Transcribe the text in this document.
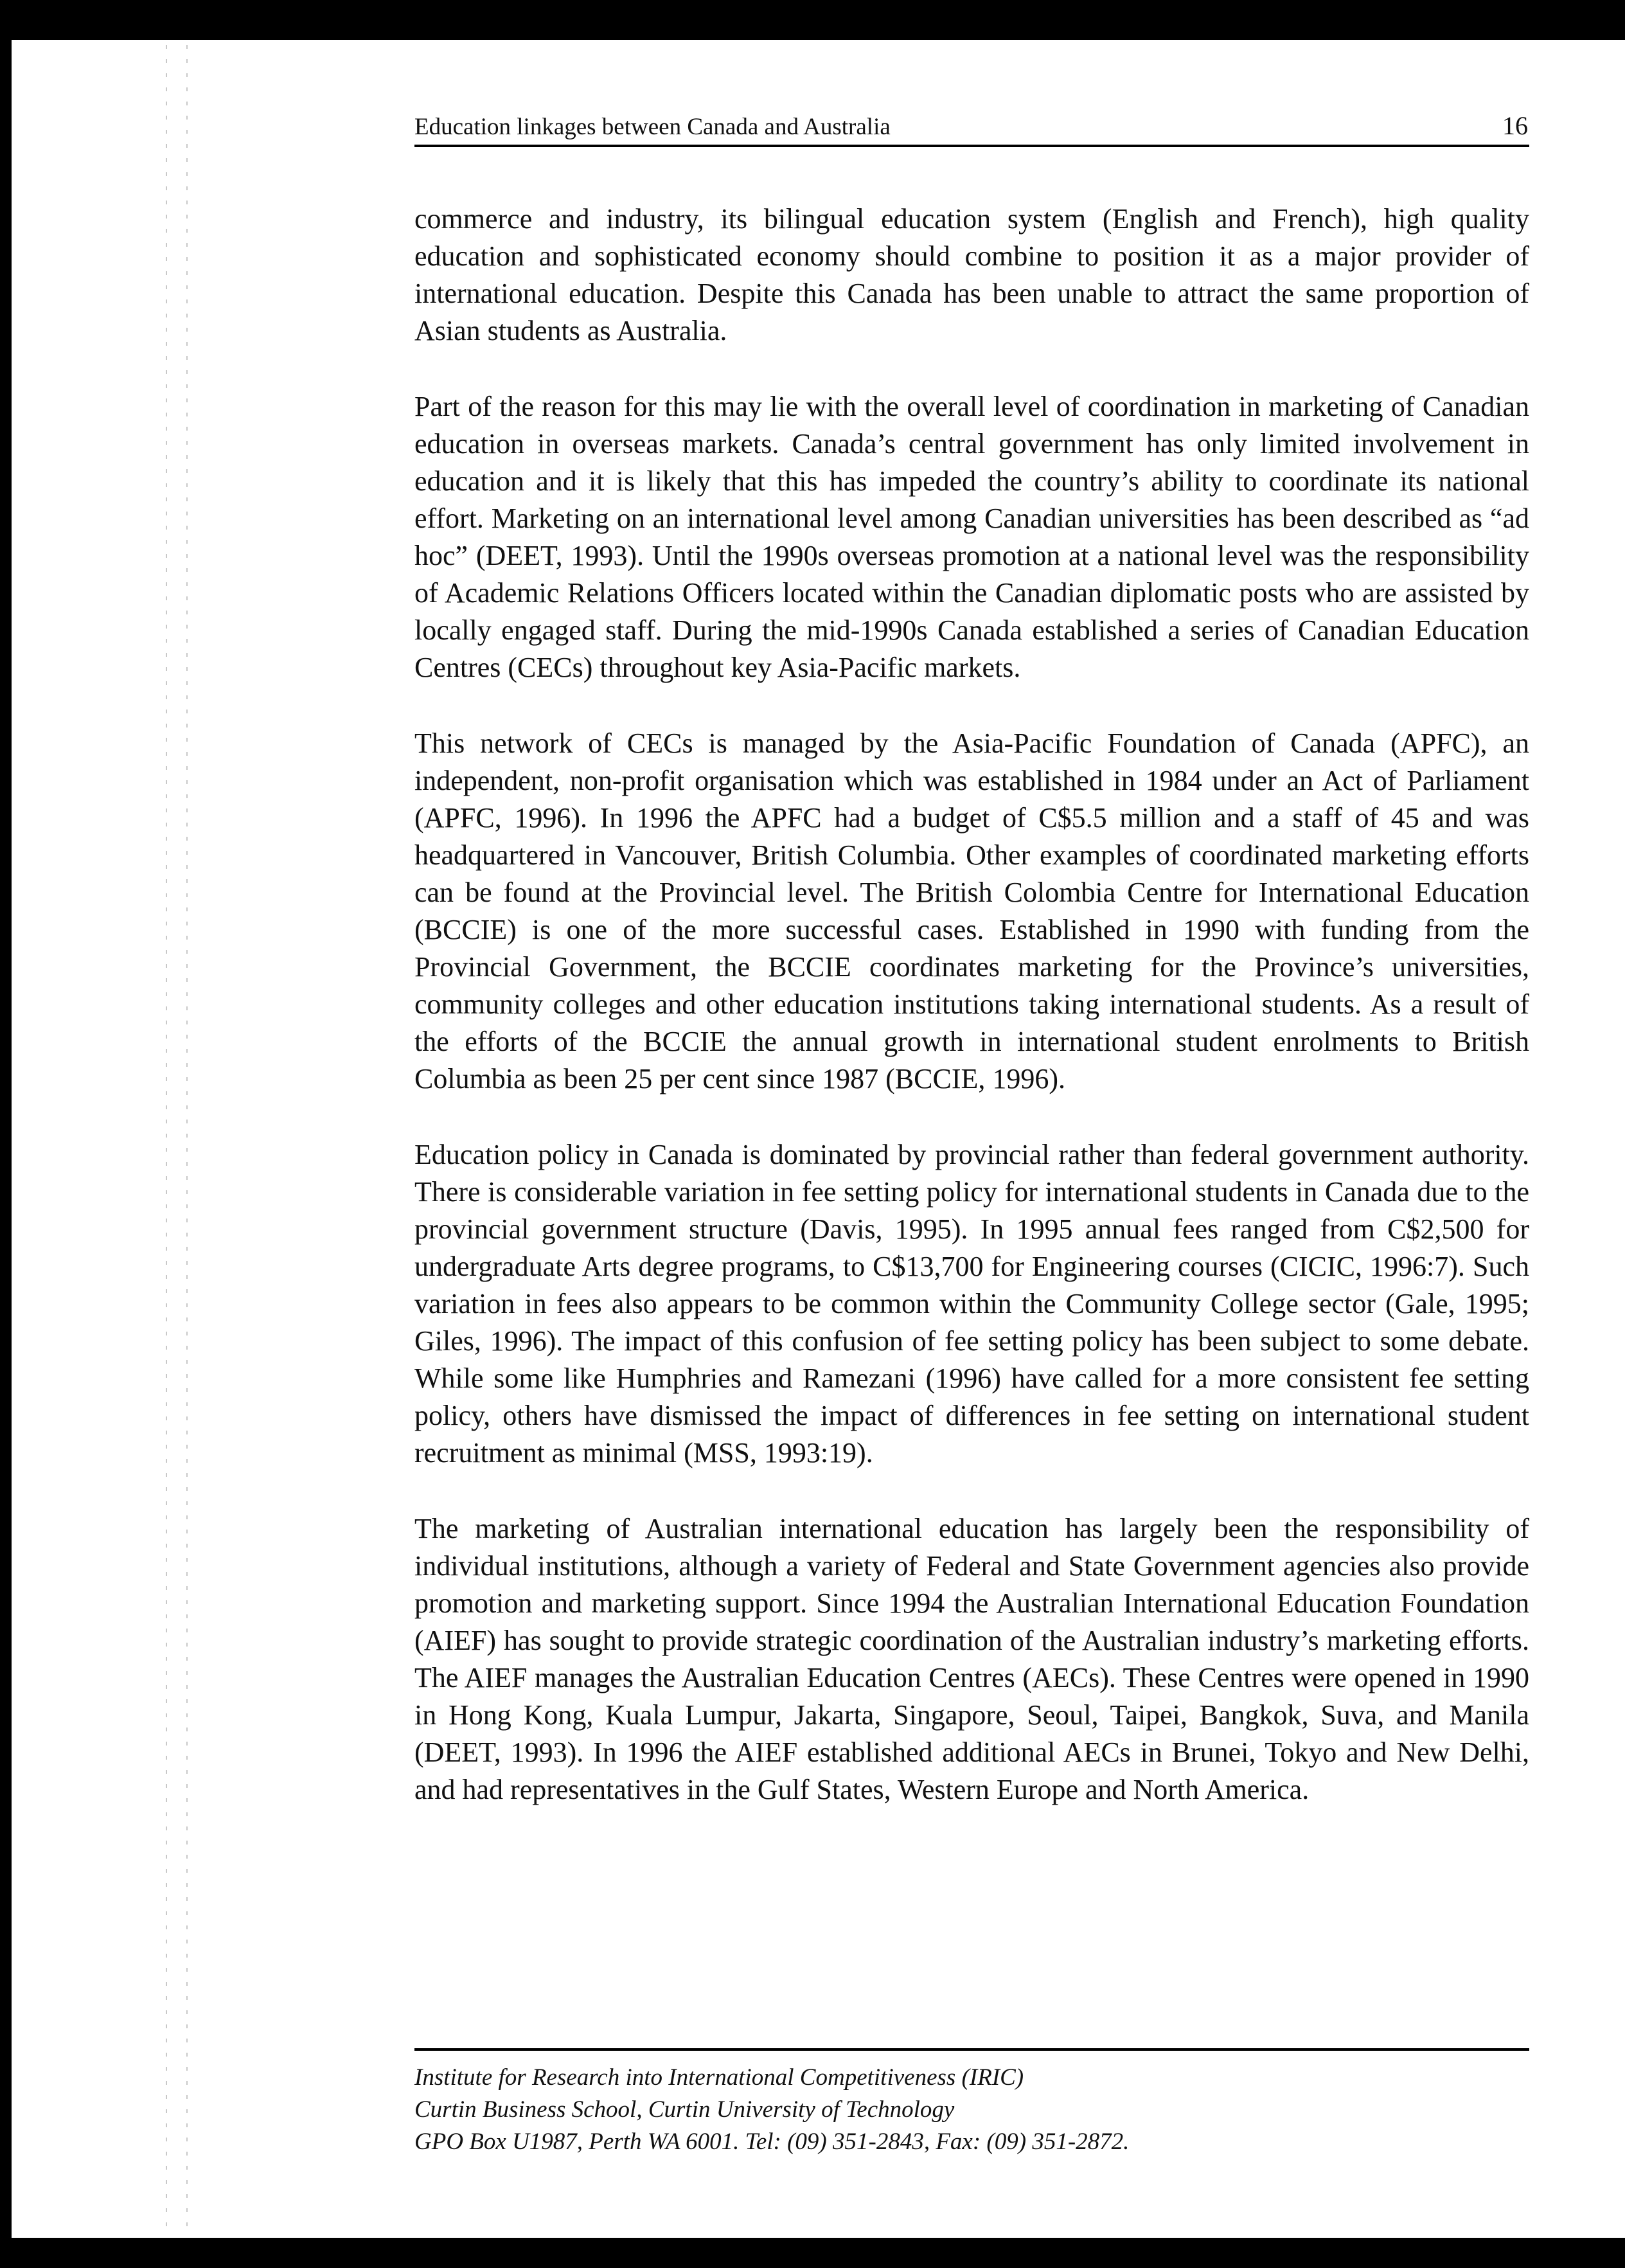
Education linkages between Canada and Australia	16

commerce and industry, its bilingual education system (English and French), high quality education and sophisticated economy should combine to position it as a major provider of international education. Despite this Canada has been unable to attract the same proportion of Asian students as Australia.

Part of the reason for this may lie with the overall level of coordination in marketing of Canadian education in overseas markets. Canada’s central government has only limited involvement in education and it is likely that this has impeded the country’s ability to coordinate its national effort. Marketing on an international level among Canadian universities has been described as “ad hoc” (DEET, 1993). Until the 1990s overseas promotion at a national level was the responsibility of Academic Relations Officers located within the Canadian diplomatic posts who are assisted by locally engaged staff. During the mid-1990s Canada established a series of Canadian Education Centres (CECs) throughout key Asia-Pacific markets.

This network of CECs is managed by the Asia-Pacific Foundation of Canada (APFC), an independent, non-profit organisation which was established in 1984 under an Act of Parliament (APFC, 1996). In 1996 the APFC had a budget of C$5.5 million and a staff of 45 and was headquartered in Vancouver, British Columbia. Other examples of coordinated marketing efforts can be found at the Provincial level. The British Colombia Centre for International Education (BCCIE) is one of the more successful cases. Established in 1990 with funding from the Provincial Government, the BCCIE coordinates marketing for the Province’s universities, community colleges and other education institutions taking international students. As a result of the efforts of the BCCIE the annual growth in international student enrolments to British Columbia as been 25 per cent since 1987 (BCCIE, 1996).

Education policy in Canada is dominated by provincial rather than federal government authority. There is considerable variation in fee setting policy for international students in Canada due to the provincial government structure (Davis, 1995). In 1995 annual fees ranged from C$2,500 for undergraduate Arts degree programs, to C$13,700 for Engineering courses (CICIC, 1996:7). Such variation in fees also appears to be common within the Community College sector (Gale, 1995; Giles, 1996). The impact of this confusion of fee setting policy has been subject to some debate. While some like Humphries and Ramezani (1996) have called for a more consistent fee setting policy, others have dismissed the impact of differences in fee setting on international student recruitment as minimal (MSS, 1993:19).

The marketing of Australian international education has largely been the responsibility of individual institutions, although a variety of Federal and State Government agencies also provide promotion and marketing support. Since 1994 the Australian International Education Foundation (AIEF) has sought to provide strategic coordination of the Australian industry’s marketing efforts. The AIEF manages the Australian Education Centres (AECs). These Centres were opened in 1990 in Hong Kong, Kuala Lumpur, Jakarta, Singapore, Seoul, Taipei, Bangkok, Suva, and Manila (DEET, 1993). In 1996 the AIEF established additional AECs in Brunei, Tokyo and New Delhi, and had representatives in the Gulf States, Western Europe and North America.

Institute for Research into International Competitiveness (IRIC)
Curtin Business School, Curtin University of Technology
GPO Box U1987, Perth WA 6001. Tel: (09) 351-2843, Fax: (09) 351-2872.
